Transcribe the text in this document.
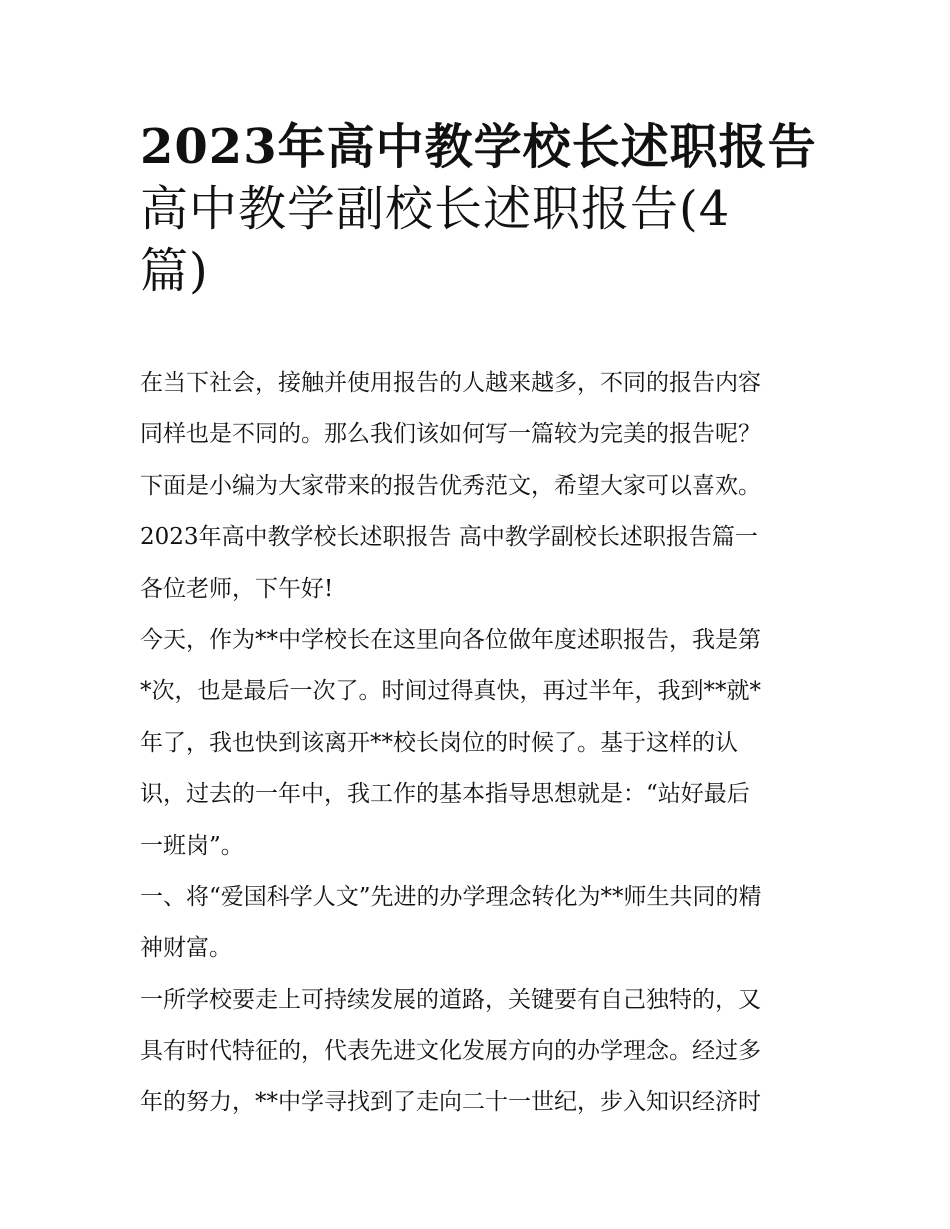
2023年高中教学校长述职报告
高中教学副校长述职报告(4
篇)
在当下社会，接触并使用报告的人越来越多，不同的报告内容
同样也是不同的。那么我们该如何写一篇较为完美的报告呢？
下面是小编为大家带来的报告优秀范文，希望大家可以喜欢。
2023年高中教学校长述职报告 高中教学副校长述职报告篇一
各位老师，下午好!
今天，作为**中学校长在这里向各位做年度述职报告，我是第
*次，也是最后一次了。时间过得真快，再过半年，我到**就*
年了，我也快到该离开**校长岗位的时候了。基于这样的认
识，过去的一年中，我工作的基本指导思想就是：“站好最后
一班岗”。
一、将“爱国科学人文”先进的办学理念转化为**师生共同的精
神财富。
一所学校要走上可持续发展的道路，关键要有自己独特的，又
具有时代特征的，代表先进文化发展方向的办学理念。经过多
年的努力，**中学寻找到了走向二十一世纪，步入知识经济时
